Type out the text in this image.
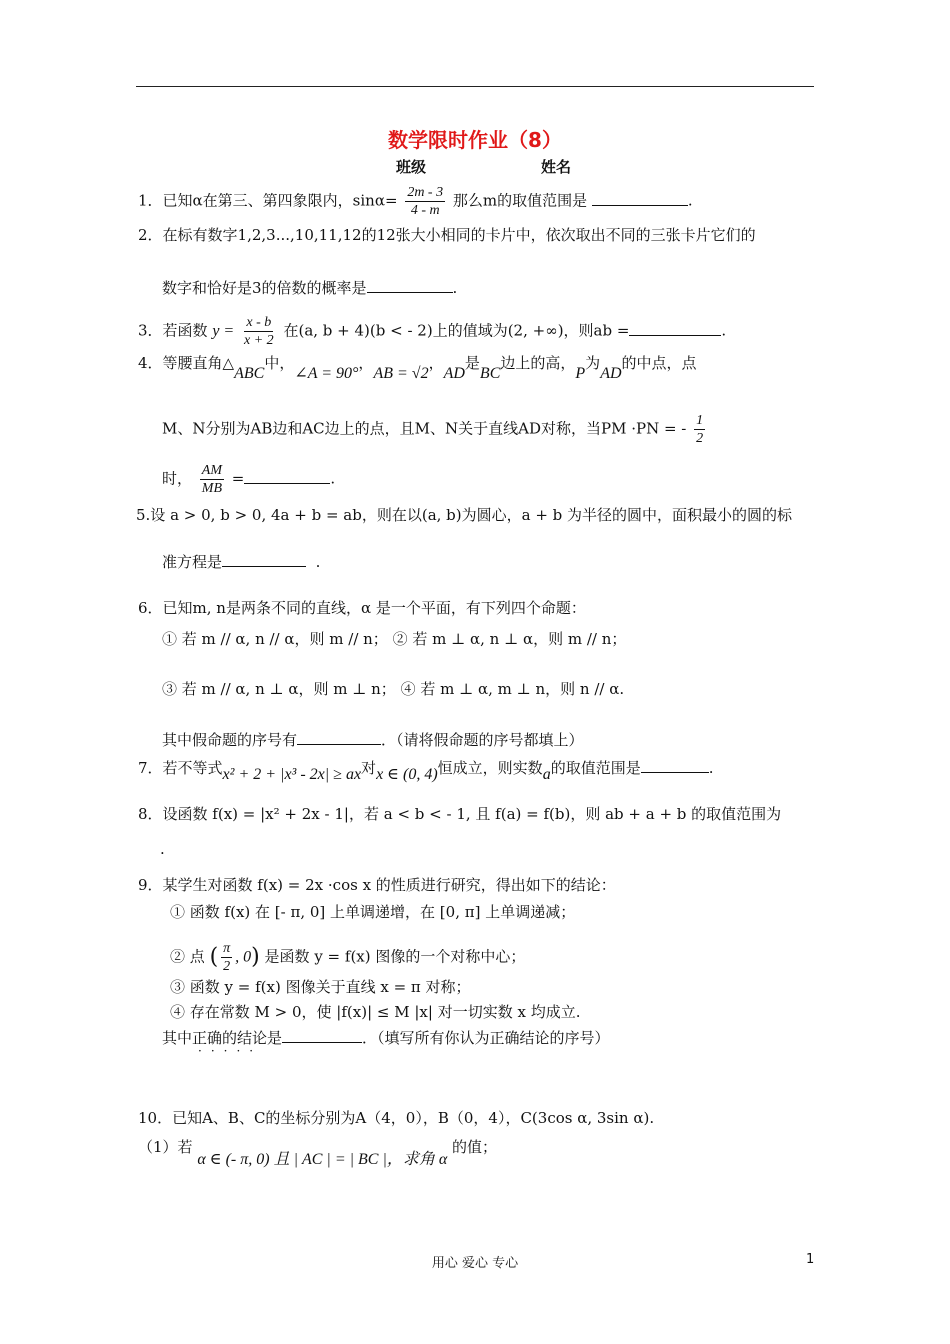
数学限时作业（8）
班级	姓名
1．已知α在第三、第四象限内，$\sin\alpha= \frac{2m - 3}{4 - m}$ 那么m的取值范围是	.
2．在标有数字1,2,3...,10,11,12的12张大小相同的卡片中，依次取出不同的三张卡片它们的
数字和恰好是3的倍数的概率是	.
3．若函数 $y = \frac{x - b}{x + 2}$ 在(a, b + 4)(b < - 2)上的值域为(2, +∞)，则ab =	.
4．等腰直角△ABC中，∠A = 90°，AB = √2，AD是BC边上的高，P为AD的中点，点
M、N分别为AB边和AC边上的点，且M、N关于直线AD对称，当PM ·PN = - $\frac{1}{2}$
时， $\frac{AM}{MB}$ =	.
5.设 a > 0, b > 0, 4a + b = ab，则在以(a, b)为圆心，a + b 为半径的圆中，面积最小的圆的标
准方程是	.
6．已知m, n是两条不同的直线，α 是一个平面，有下列四个命题：
① 若 m // α, n // α，则 m // n； ② 若 m ⊥ α, n ⊥ α，则 m // n；
③ 若 m // α, n ⊥ α，则 m ⊥ n； ④ 若 m ⊥ α, m ⊥ n，则 n // α.
其中假命题的序号有	．（请将假命题的序号都填上）
7．若不等式x² + 2 + |x³ - 2x| ≥ ax对x ∈ (0, 4)恒成立，则实数a的取值范围是	.
8．设函数 f(x) = |x² + 2x - 1|，若 a < b < - 1, 且 f(a) = f(b)，则 ab + a + b 的取值范围为
.
9．某学生对函数 f(x) = 2x ·cos x 的性质进行研究，得出如下的结论：
① 函数 f(x) 在 [- π, 0] 上单调递增，在 [0, π] 上单调递减；
② 点 ( $\frac{\pi}{2}$ , 0) 是函数 y = f(x) 图像的一个对称中心；
③ 函数 y = f(x) 图像关于直线 x = π 对称；
④ 存在常数 M > 0，使 |f(x)| ≤ M |x| 对一切实数 x 均成立.
其中正确的结论是	．（填写所有你认为正确结论的序号）
·····
10．已知A、B、C的坐标分别为A（4，0），B（0，4），C(3cos α, 3sin α).
（1）若 α ∈ (- π, 0) 且 | AC | = | BC |，求角 α 的值；
用心 爱心 专心	1
